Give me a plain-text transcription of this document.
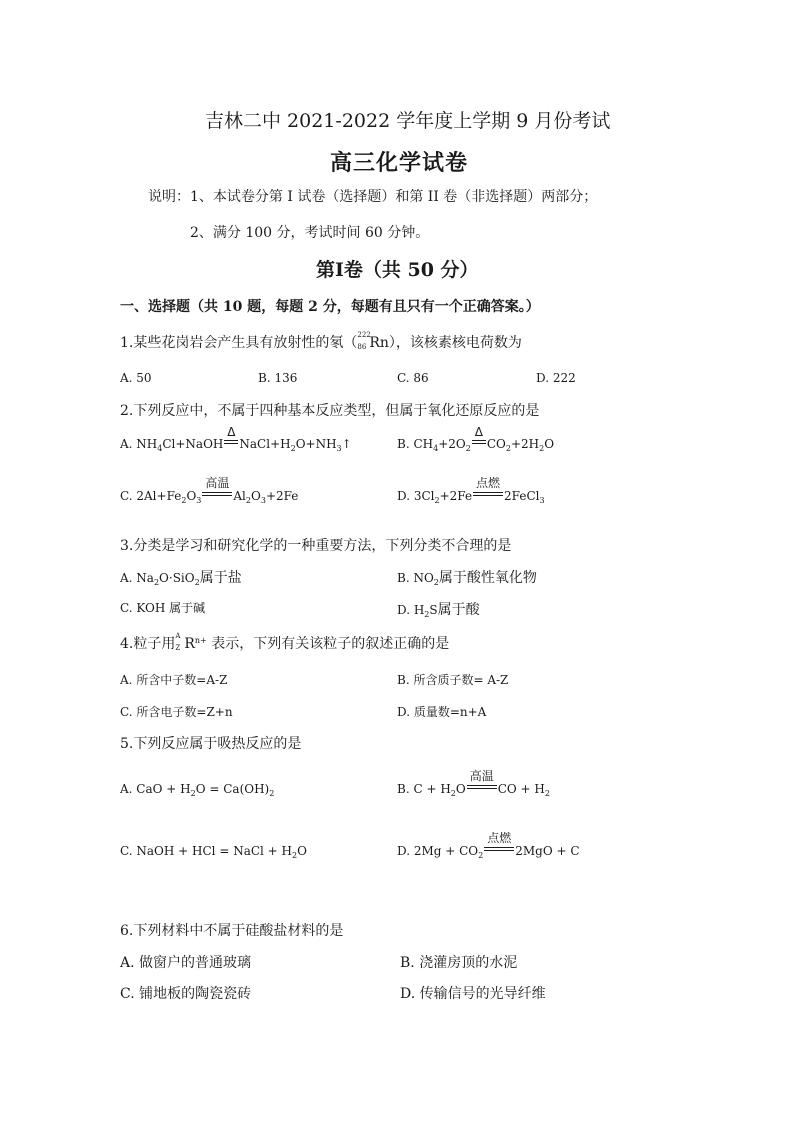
吉林二中 2021-2022 学年度上学期 9 月份考试
高三化学试卷
说明：1、本试卷分第 I 试卷（选择题）和第 II 卷（非选择题）两部分；
2、满分 100 分，考试时间 60 分钟。
第Ⅰ卷（共 50 分）
一、选择题（共 10 题，每题 2 分，每题有且只有一个正确答案。）
1.某些花岗岩会产生具有放射性的氡（ 222
86 Rn），该核素核电荷数为
A. 50	B. 136	C. 86	D. 222
2.下列反应中，不属于四种基本反应类型，但属于氧化还原反应的是
A. $NH_4Cl+NaOH$
Δ
$NaCl+H_2O+NH_3↑$	B. $CH_4+2O_2$
Δ
$CO_2+2H_2O$
C. $2Al+Fe_2O_3$
高温
$Al_2O_3+2Fe$	D. $3Cl_2+2Fe$
点燃
2FeCl$_3$
3.分类是学习和研究化学的一种重要方法，下列分类不合理的是
A. $Na_2O\cdot SiO_2$属于盐	B. $NO_2$属于酸性氧化物
C. KOH 属于碱	D. $H_2S$属于酸
4.粒子用 A
Z $R^{n+}$ 表示，下列有关该粒子的叙述正确的是
A. 所含中子数=A-Z	B. 所含质子数= A-Z
C. 所含电子数=Z+n	D. 质量数=n+A
5.下列反应属于吸热反应的是
A. CaO + $H_2O = Ca(OH)_2$	B. $C + H_2O$
高温
CO + $H_2$
C. NaOH + HCl = NaCl + $H_2O$	D. $2Mg + CO_2$
点燃
2MgO + C
6.下列材料中不属于硅酸盐材料的是
A. 做窗户的普通玻璃	B. 浇灌房顶的水泥
C. 铺地板的陶瓷瓷砖	D. 传输信号的光导纤维
